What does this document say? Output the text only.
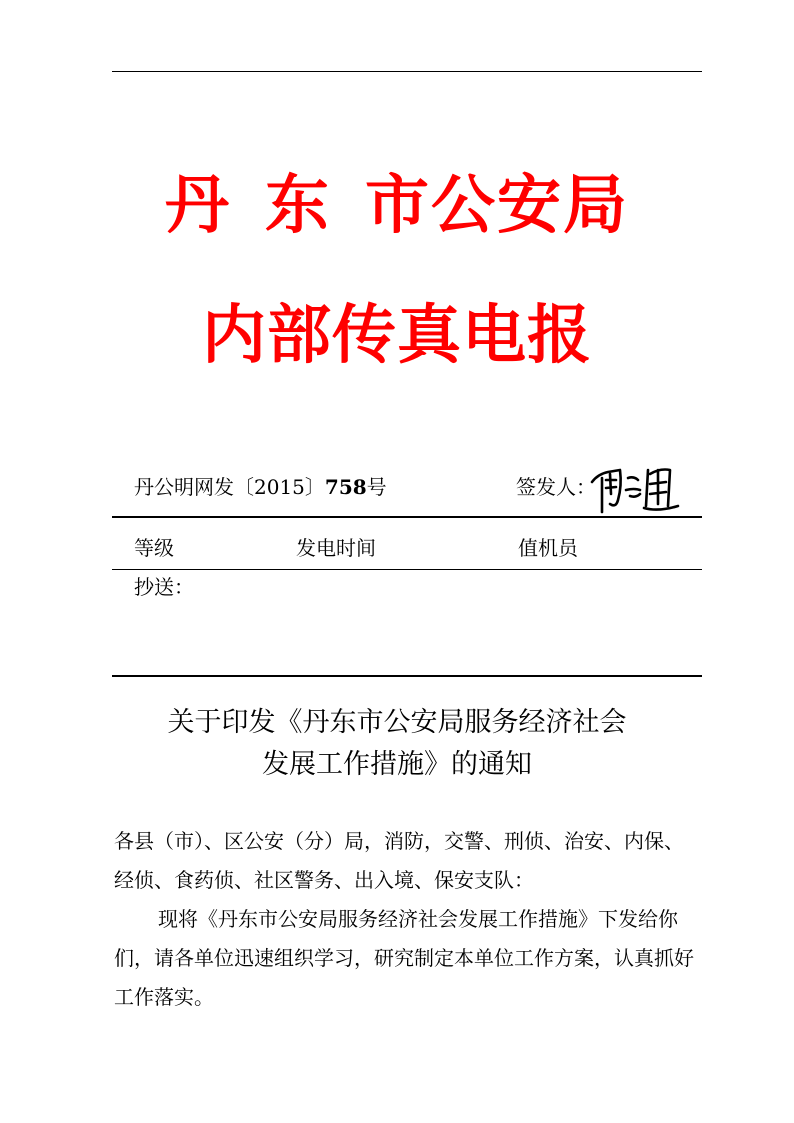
丹 东 市公安局
内部传真电报
丹公明网发〔2015〕758号	签发人：
等级	发电时间	值机员
抄送：
关于印发《丹东市公安局服务经济社会
发展工作措施》的通知

各县（市）、区公安（分）局，消防，交警、刑侦、治安、内保、经侦、食药侦、社区警务、出入境、保安支队：

现将《丹东市公安局服务经济社会发展工作措施》下发给你们，请各单位迅速组织学习，研究制定本单位工作方案，认真抓好工作落实。
